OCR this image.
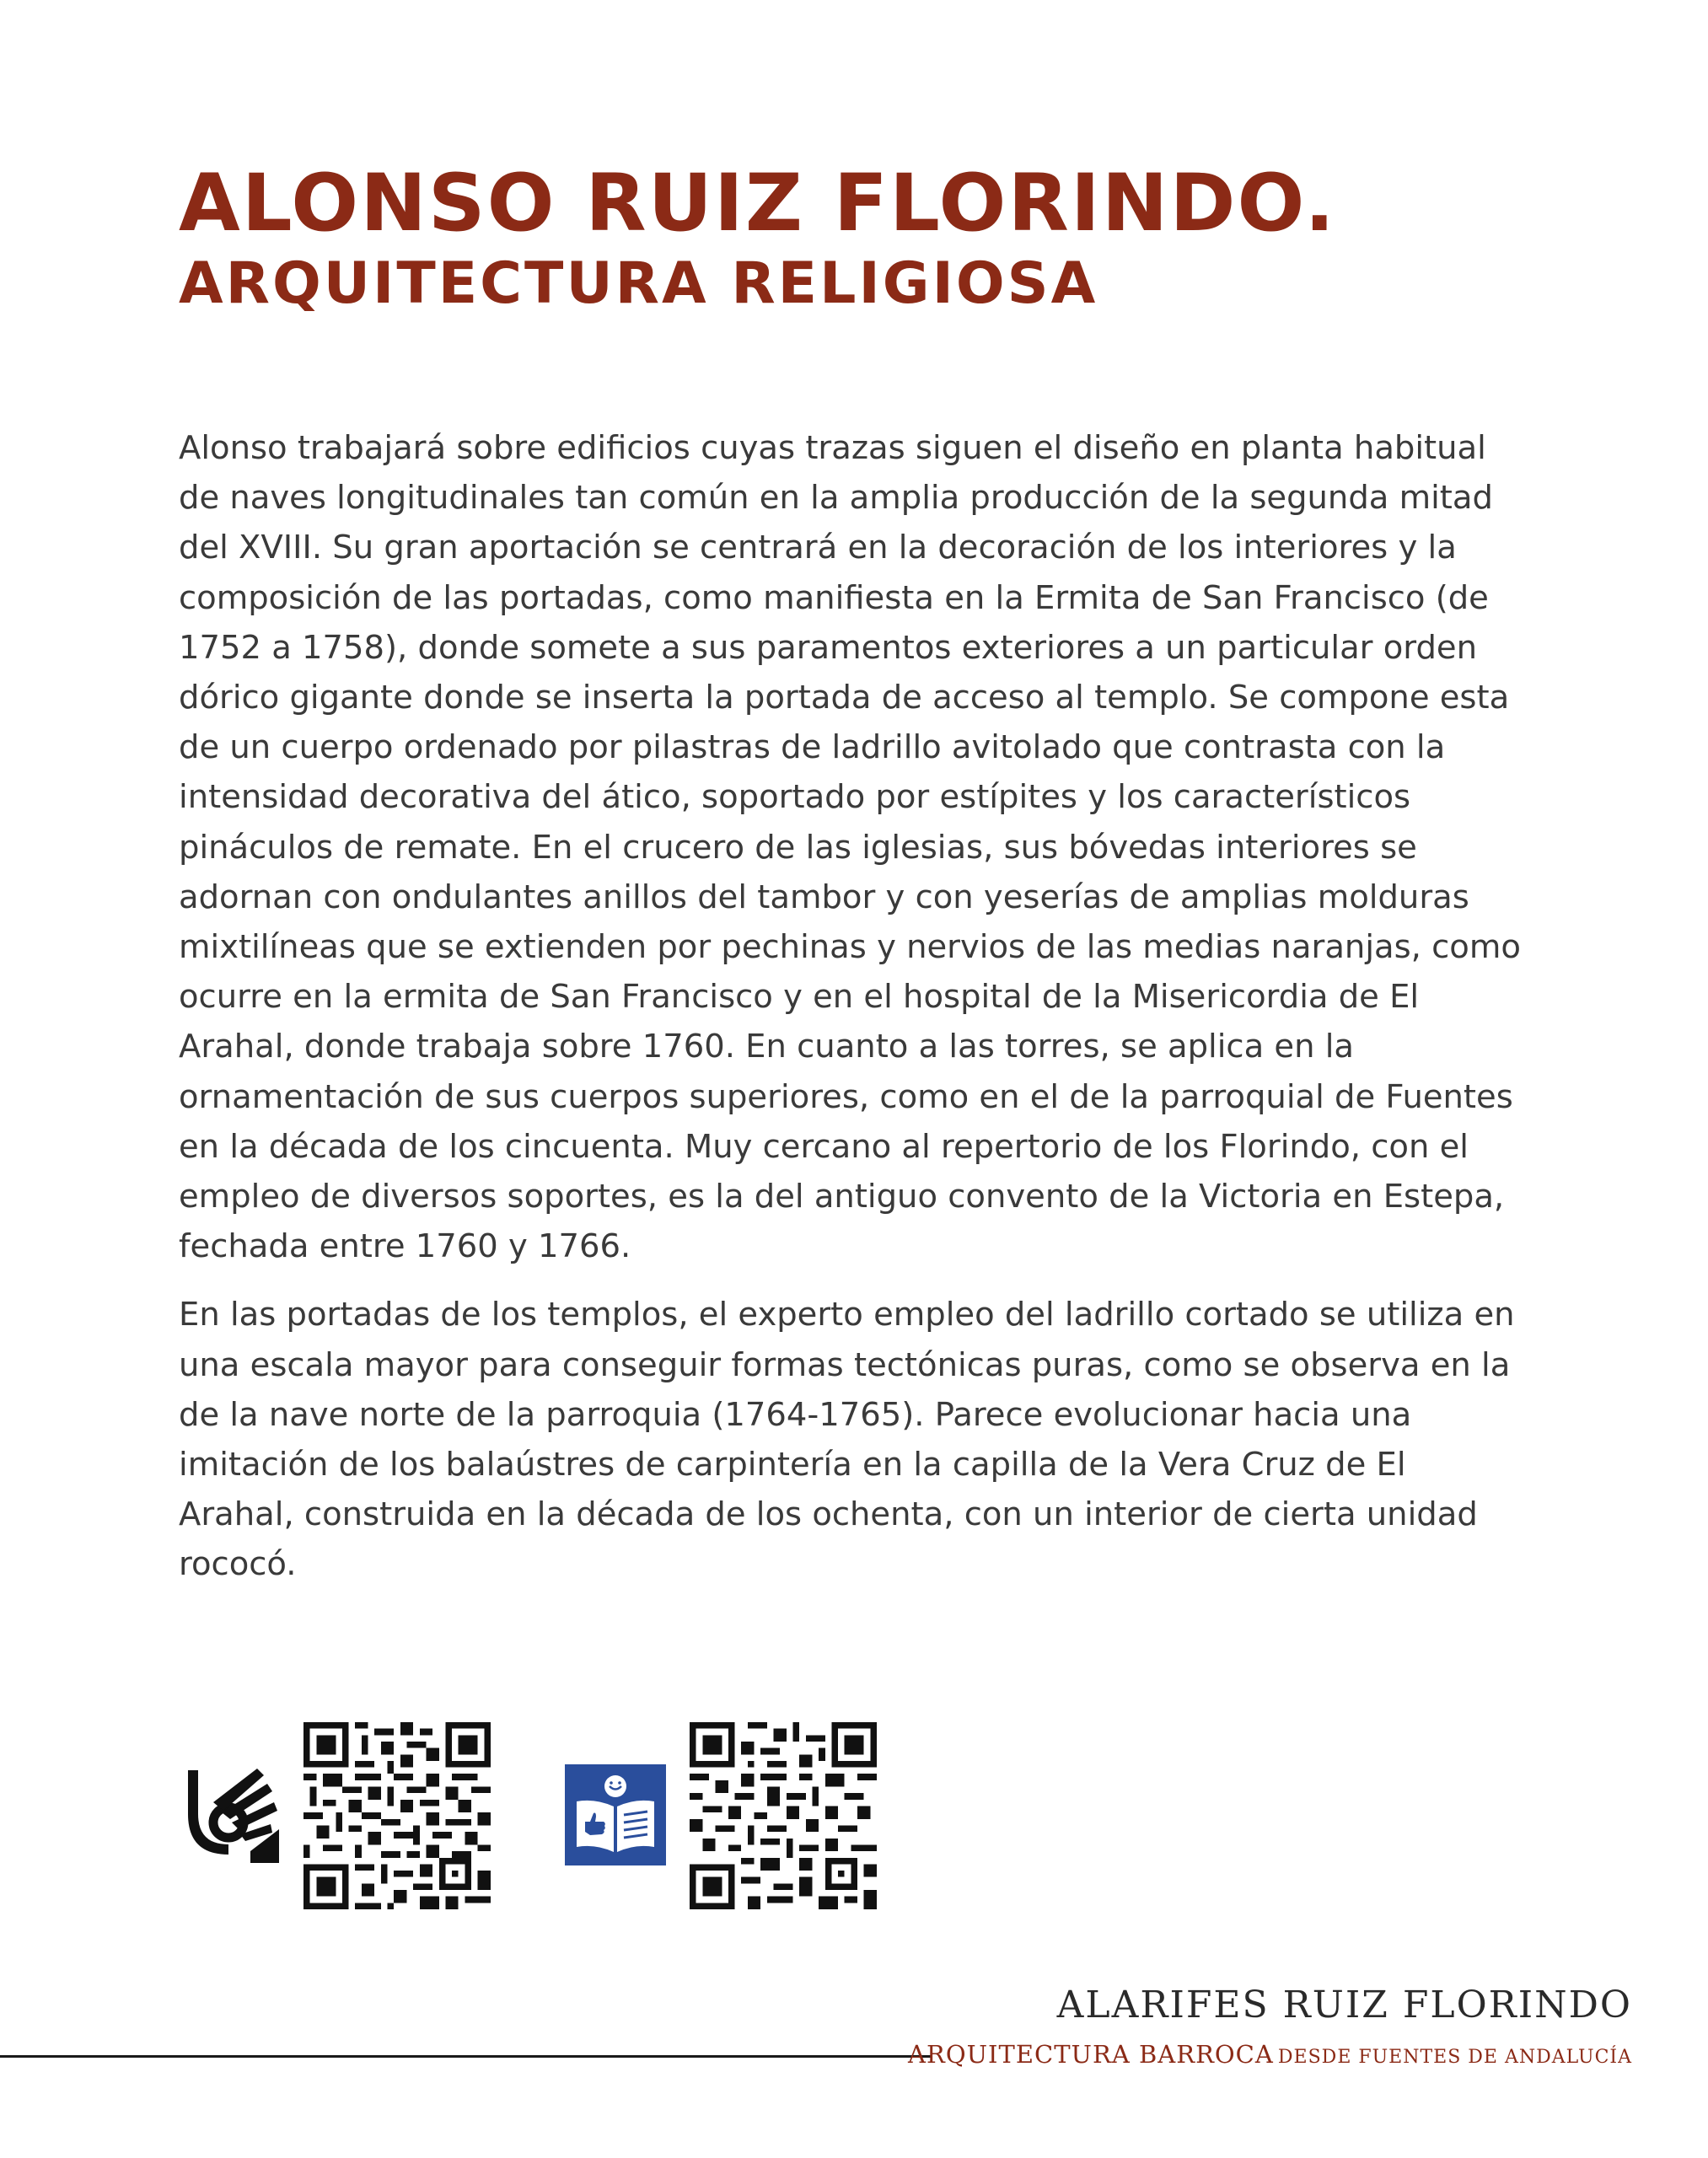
ALONSO RUIZ FLORINDO.
ARQUITECTURA RELIGIOSA

Alonso trabajará sobre edificios cuyas trazas siguen el diseño en planta habitual de naves longitudinales tan común en la amplia producción de la segunda mitad del XVIII. Su gran aportación se centrará en la decoración de los interiores y la composición de las portadas, como manifiesta en la Ermita de San Francisco (de 1752 a 1758), donde somete a sus paramentos exteriores a un particular orden dórico gigante donde se inserta la portada de acceso al templo. Se compone esta de un cuerpo ordenado por pilastras de ladrillo avitolado que contrasta con la intensidad decorativa del ático, soportado por estípites y los característicos pináculos de remate. En el crucero de las iglesias, sus bóvedas interiores se adornan con ondulantes anillos del tambor y con yeserías de amplias molduras mixtilíneas que se extienden por pechinas y nervios de las medias naranjas, como ocurre en la ermita de San Francisco y en el hospital de la Misericordia de El Arahal, donde trabaja sobre 1760. En cuanto a las torres, se aplica en la ornamentación de sus cuerpos superiores, como en el de la parroquial de Fuentes en la década de los cincuenta. Muy cercano al repertorio de los Florindo, con el empleo de diversos soportes, es la del antiguo convento de la Victoria en Estepa, fechada entre 1760 y 1766.

En las portadas de los templos, el experto empleo del ladrillo cortado se utiliza en una escala mayor para conseguir formas tectónicas puras, como se observa en la de la nave norte de la parroquia (1764-1765). Parece evolucionar hacia una imitación de los balaústres de carpintería en la capilla de la Vera Cruz de El Arahal, construida en la década de los ochenta, con un interior de cierta unidad rococó.

ALARIFES RUIZ FLORINDO
ARQUITECTURA BARROCA DESDE FUENTES DE ANDALUCÍA
